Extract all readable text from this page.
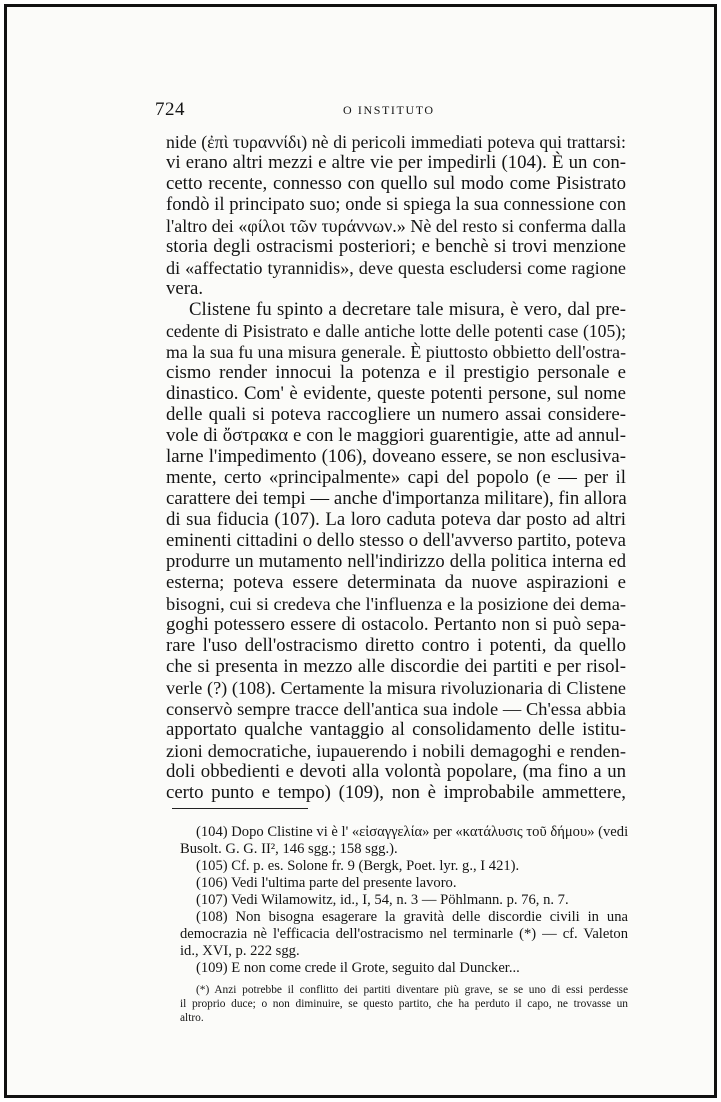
724	O INSTITUTO
nide (ἐπὶ τυραννίδι) nè di pericoli immediati poteva qui trattarsi:
vi erano altri mezzi e altre vie per impedirli (104). È un con-
cetto recente, connesso con quello sul modo come Pisistrato
fondò il principato suo; onde si spiega la sua connessione con
l'altro dei «φίλοι τῶν τυράννων.» Nè del resto si conferma dalla
storia degli ostracismi posteriori; e benchè si trovi menzione
di «affectatio tyrannidis», deve questa escludersi come ragione
vera.
Clistene fu spinto a decretare tale misura, è vero, dal pre-
cedente di Pisistrato e dalle antiche lotte delle potenti case (105);
ma la sua fu una misura generale. È piuttosto obbietto dell'ostra-
cismo render innocui la potenza e il prestigio personale e
dinastico. Com' è evidente, queste potenti persone, sul nome
delle quali si poteva raccogliere un numero assai considere-
vole di ὄστρακα e con le maggiori guarentigie, atte ad annul-
larne l'impedimento (106), doveano essere, se non esclusiva-
mente, certo «principalmente» capi del popolo (e — per il
carattere dei tempi — anche d'importanza militare), fin allora
di sua fiducia (107). La loro caduta poteva dar posto ad altri
eminenti cittadini o dello stesso o dell'avverso partito, poteva
produrre un mutamento nell'indirizzo della politica interna ed
esterna; poteva essere determinata da nuove aspirazioni e
bisogni, cui si credeva che l'influenza e la posizione dei dema-
goghi potessero essere di ostacolo. Pertanto non si può sepa-
rare l'uso dell'ostracismo diretto contro i potenti, da quello
che si presenta in mezzo alle discordie dei partiti e per risol-
verle (?) (108). Certamente la misura rivoluzionaria di Clistene
conservò sempre tracce dell'antica sua indole — Ch'essa abbia
apportato qualche vantaggio al consolidamento delle istitu-
zioni democratiche, iupauerendo i nobili demagoghi e renden-
doli obbedienti e devoti alla volontà popolare, (ma fino a un
certo punto e tempo) (109), non è improbabile ammettere,
(104) Dopo Clistine vi è l' «εἰσαγγελία» per «κατάλυσις τοῦ δήμου» (vedi
Busolt. G. G. II², 146 sgg.; 158 sgg.).
(105) Cf. p. es. Solone fr. 9 (Bergk, Poet. lyr. g., I 421).
(106) Vedi l'ultima parte del presente lavoro.
(107) Vedi Wilamowitz, id., I, 54, n. 3 — Pöhlmann. p. 76, n. 7.
(108) Non bisogna esagerare la gravità delle discordie civili in una
democrazia nè l'efficacia dell'ostracismo nel terminarle (*) — cf. Valeton
id., XVI, p. 222 sgg.
(109) E non come crede il Grote, seguito dal Duncker...
(*) Anzi potrebbe il conflitto dei partiti diventare più grave, se se uno di essi perdesse
il proprio duce; o non diminuire, se questo partito, che ha perduto il capo, ne trovasse un
altro.
